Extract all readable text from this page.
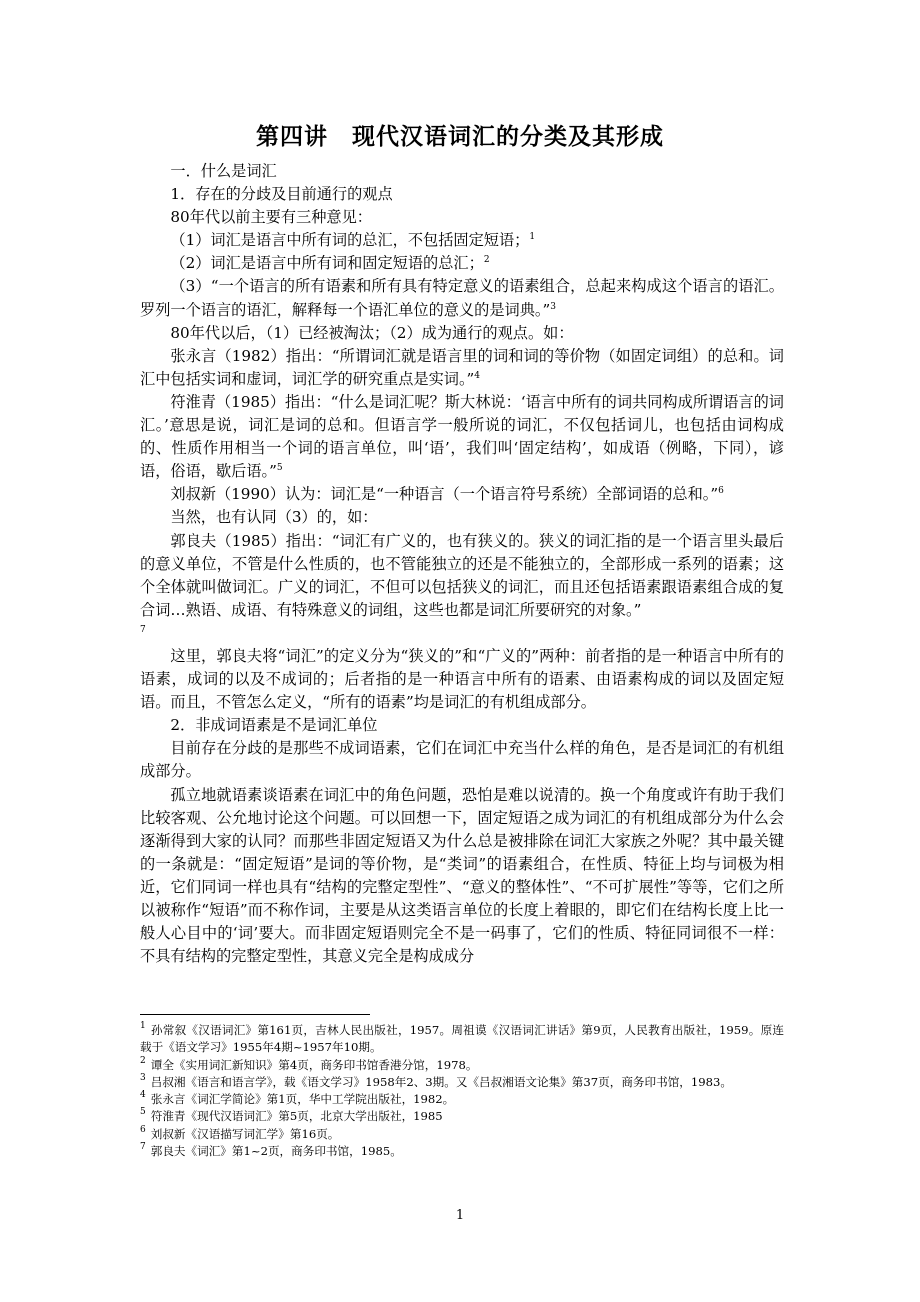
第四讲　现代汉语词汇的分类及其形成

一．什么是词汇

1．存在的分歧及目前通行的观点

80年代以前主要有三种意见：

（1）词汇是语言中所有词的总汇，不包括固定短语；$^1$

（2）词汇是语言中所有词和固定短语的总汇；$^2$

（3）“一个语言的所有语素和所有具有特定意义的语素组合，总起来构成这个语言的语汇。罗列一个语言的语汇，解释每一个语汇单位的意义的是词典。”$^3$

80年代以后，（1）已经被淘汰；（2）成为通行的观点。如：

张永言（1982）指出：“所谓词汇就是语言里的词和词的等价物（如固定词组）的总和。词汇中包括实词和虚词，词汇学的研究重点是实词。”$^4$

符淮青（1985）指出：“什么是词汇呢？斯大林说：‘语言中所有的词共同构成所谓语言的词汇。’意思是说，词汇是词的总和。但语言学一般所说的词汇，不仅包括词儿，也包括由词构成的、性质作用相当一个词的语言单位，叫‘语’，我们叫‘固定结构’，如成语（例略，下同），谚语，俗语，歇后语。”$^5$

刘叔新（1990）认为：词汇是“一种语言（一个语言符号系统）全部词语的总和。”$^6$

当然，也有认同（3）的，如：

郭良夫（1985）指出：“词汇有广义的，也有狭义的。狭义的词汇指的是一个语言里头最后的意义单位，不管是什么性质的，也不管能独立的还是不能独立的，全部形成一系列的语素；这个全体就叫做词汇。广义的词汇，不但可以包括狭义的词汇，而且还包括语素跟语素组合成的复合词…熟语、成语、有特殊意义的词组，这些也都是词汇所要研究的对象。”
$^7$

这里，郭良夫将“词汇”的定义分为“狭义的”和“广义的”两种：前者指的是一种语言中所有的语素，成词的以及不成词的；后者指的是一种语言中所有的语素、由语素构成的词以及固定短语。而且，不管怎么定义，“所有的语素”均是词汇的有机组成部分。

2．非成词语素是不是词汇单位

目前存在分歧的是那些不成词语素，它们在词汇中充当什么样的角色，是否是词汇的有机组成部分。

孤立地就语素谈语素在词汇中的角色问题，恐怕是难以说清的。换一个角度或许有助于我们比较客观、公允地讨论这个问题。可以回想一下，固定短语之成为词汇的有机组成部分为什么会逐渐得到大家的认同？而那些非固定短语又为什么总是被排除在词汇大家族之外呢？其中最关键的一条就是：“固定短语”是词的等价物，是“类词”的语素组合，在性质、特征上均与词极为相近，它们同词一样也具有“结构的完整定型性”、“意义的整体性”、“不可扩展性”等等，它们之所以被称作“短语”而不称作词，主要是从这类语言单位的长度上着眼的，即它们在结构长度上比一般人心目中的‘词’要大。而非固定短语则完全不是一码事了，它们的性质、特征同词很不一样：不具有结构的完整定型性，其意义完全是构成成分

$^1$ 孙常叙《汉语词汇》第161页，吉林人民出版社，1957。周祖谟《汉语词汇讲话》第9页，人民教育出版社，1959。原连载于《语文学习》1955年4期~1957年10期。

$^2$ 谭全《实用词汇新知识》第4页，商务印书馆香港分馆，1978。

$^3$ 吕叔湘《语言和语言学》，载《语文学习》1958年2、3期。又《吕叔湘语文论集》第37页，商务印书馆，1983。

$^4$ 张永言《词汇学简论》第1页，华中工学院出版社，1982。

$^5$ 符淮青《现代汉语词汇》第5页，北京大学出版社，1985

$^6$ 刘叔新《汉语描写词汇学》第16页。

$^7$ 郭良夫《词汇》第1~2页，商务印书馆，1985。

1
